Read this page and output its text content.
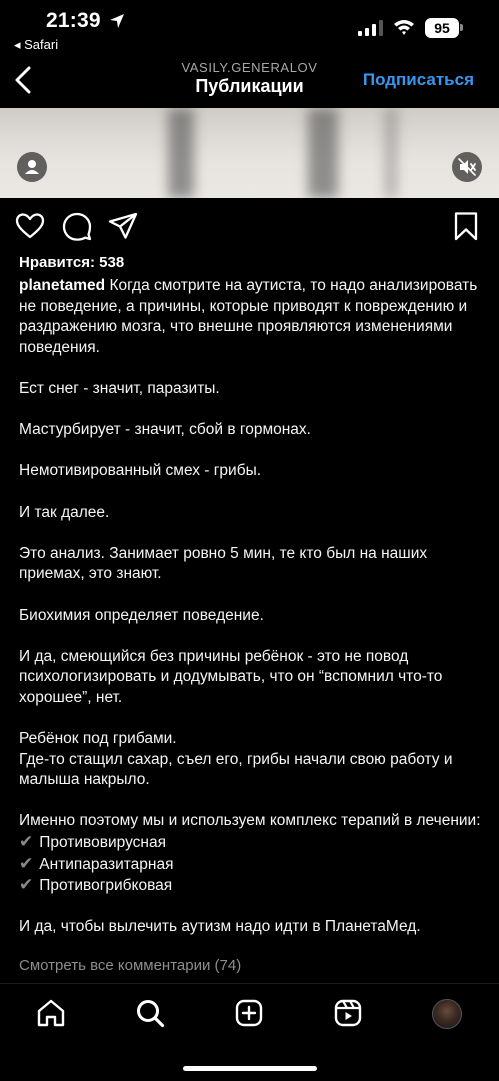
21:39
◂ Safari
95
VASILY.GENERALOV
Публикации	Подписаться
Нравится: 538

planetamed Когда смотрите на аутиста, то надо анализировать не поведение, а причины, которые приводят к повреждению и раздражению мозга, что внешне проявляются изменениями поведения.

Ест снег - значит, паразиты.

Мастурбирует - значит, сбой в гормонах.

Немотивированный смех - грибы.

И так далее.

Это анализ. Занимает ровно 5 мин, те кто был на наших приемах, это знают.

Биохимия определяет поведение.

И да, смеющийся без причины ребёнок - это не повод психологизировать и додумывать, что он “вспомнил что-то хорошее”, нет.

Ребёнок под грибами.

Где-то стащил сахар, съел его, грибы начали свою работу и малыша накрыло.

Именно поэтому мы и используем комплекс терапий в лечении:

✔ Противовирусная

✔ Антипаразитарная

✔ Противогрибковая

И да, чтобы вылечить аутизм надо идти в ПланетаМед.

Смотреть все комментарии (74)
